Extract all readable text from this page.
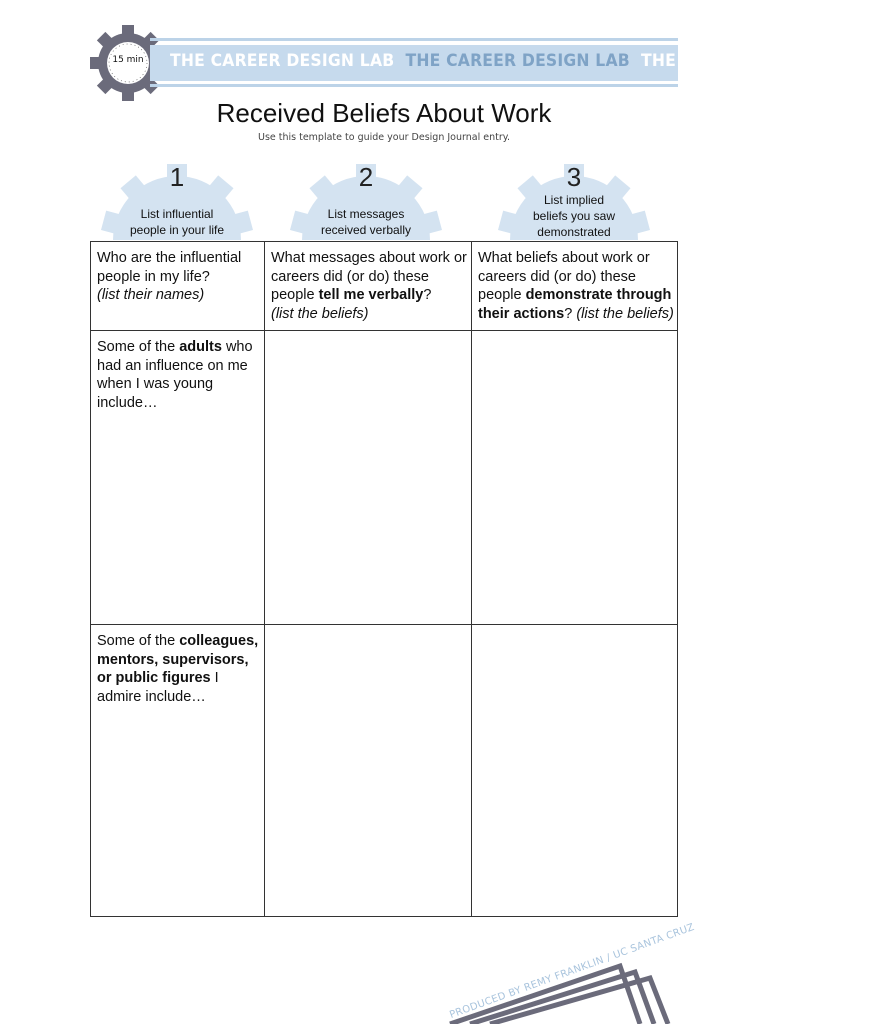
15 min THE CAREER DESIGN LAB THE CAREER DESIGN LAB THE CAREER DESIGN LAB
Received Beliefs About Work
Use this template to guide your Design Journal entry.
1
List influential
people in your life
2
List messages
received verbally
3
List implied
beliefs you saw
demonstrated
Who are the influential people in my life?
(list their names)
What messages about work or careers did (or do) these people tell me verbally?
(list the beliefs)
What beliefs about work or careers did (or do) these people demonstrate through their actions? (list the beliefs)
Some of the adults who had an influence on me when I was young include…
Some of the colleagues, mentors, supervisors, or public figures I admire include…
PRODUCED BY REMY FRANKLIN / UC SANTA CRUZ
